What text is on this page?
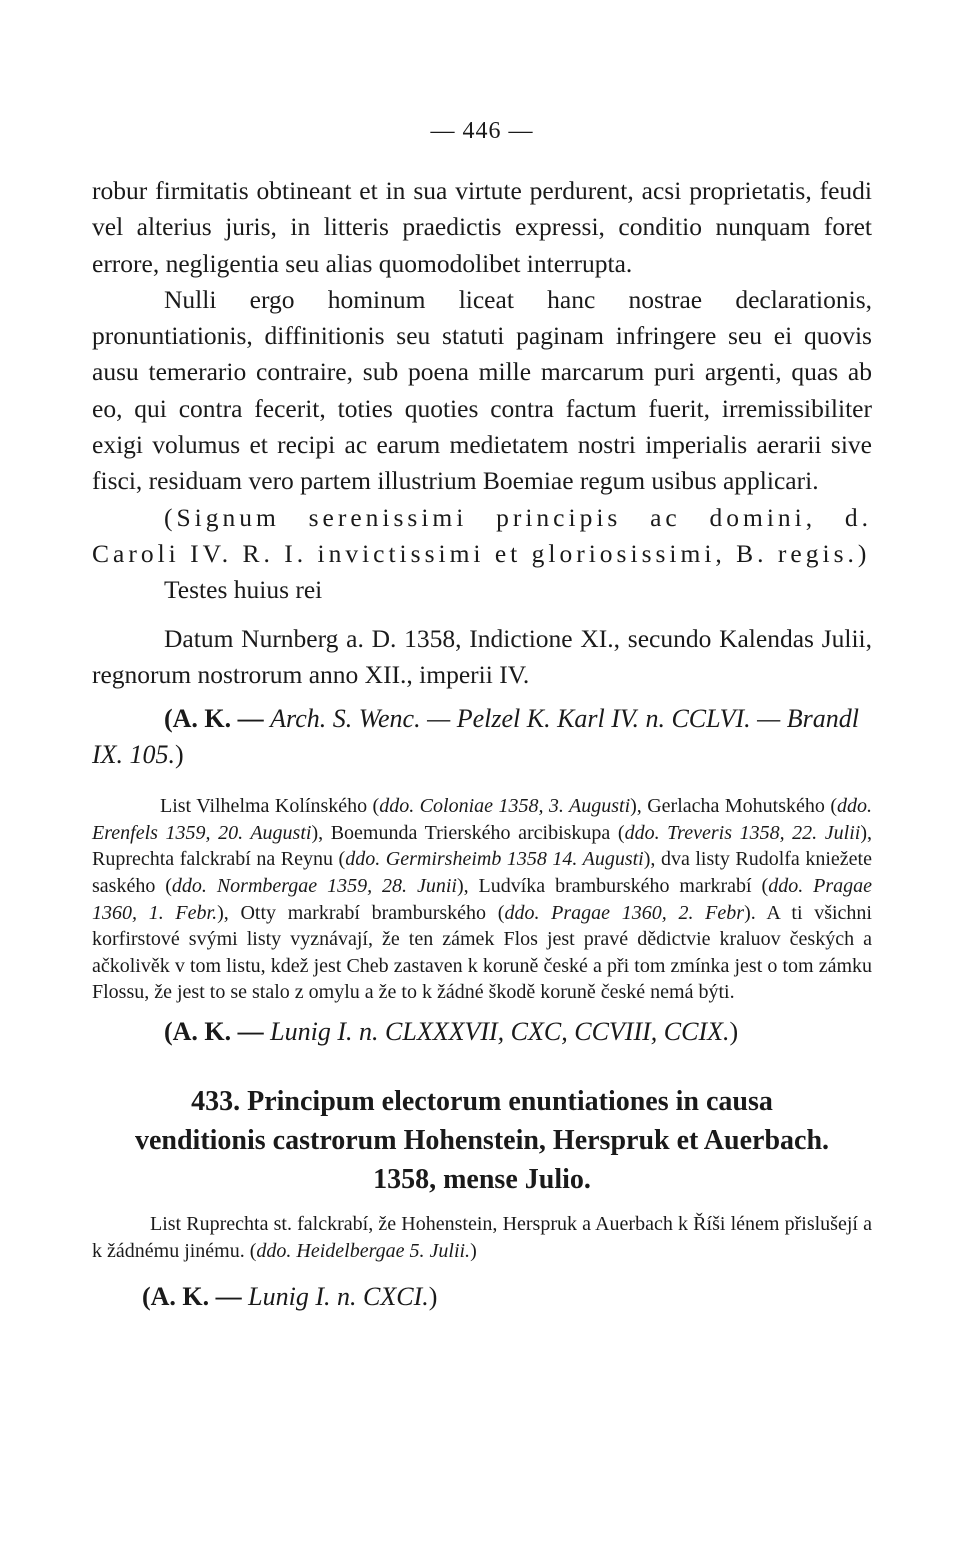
— 446 —

robur firmitatis obtineant et in sua virtute perdurent, acsi proprietatis, feudi vel alterius juris, in litteris praedictis expressi, conditio nunquam foret errore, negligentia seu alias quomodolibet interrupta.

Nulli ergo hominum liceat hanc nostrae declarationis, pronuntiationis, diffinitionis seu statuti paginam infringere seu ei quovis ausu temerario contraire, sub poena mille marcarum puri argenti, quas ab eo, qui contra fecerit, toties quoties contra factum fuerit, irremissibiliter exigi volumus et recipi ac earum medietatem nostri imperialis aerarii sive fisci, residuam vero partem illustrium Boemiae regum usibus applicari.

(Signum serenissimi principis ac domini, d. Caroli IV. R. I. invictissimi et gloriosissimi, B. regis.)

Testes huius rei

Datum Nurnberg a. D. 1358, Indictione XI., secundo Kalendas Julii, regnorum nostrorum anno XII., imperii IV.

(A. K. — Arch. S. Wenc. — Pelzel K. Karl IV. n. CCLVI. — Brandl IX. 105.)

List Vilhelma Kolínského (ddo. Coloniae 1358, 3. Augusti), Gerlacha Mohutského (ddo. Erenfels 1359, 20. Augusti), Boemunda Trierského arcibiskupa (ddo. Treveris 1358, 22. Julii), Ruprechta falckrabí na Reynu (ddo. Germirsheimb 1358 14. Augusti), dva listy Rudolfa kniežete saského (ddo. Normbergae 1359, 28. Junii), Ludvíka bramburského markrabí (ddo. Pragae 1360, 1. Febr.), Otty markrabí bramburského (ddo. Pragae 1360, 2. Febr). A ti všichni korfirstové svými listy vyznávají, že ten zámek Flos jest pravé dědictvie kraluov českých a ačkolivěk v tom listu, kdež jest Cheb zastaven k koruně české a při tom zmínka jest o tom zámku Flossu, že jest to se stalo z omylu a že to k žádné škodě koruně české nemá býti.

(A. K. — Lunig I. n. CLXXXVII, CXC, CCVIII, CCIX.)

433. Principum electorum enuntiationes in causa
venditionis castrorum Hohenstein, Herspruk et Auerbach.
1358, mense Julio.

List Ruprechta st. falckrabí, že Hohenstein, Herspruk a Auerbach k Říši lénem přislušejí a k žádnému jinému. (ddo. Heidelbergae 5. Julii.)

(A. K. — Lunig I. n. CXCI.)
